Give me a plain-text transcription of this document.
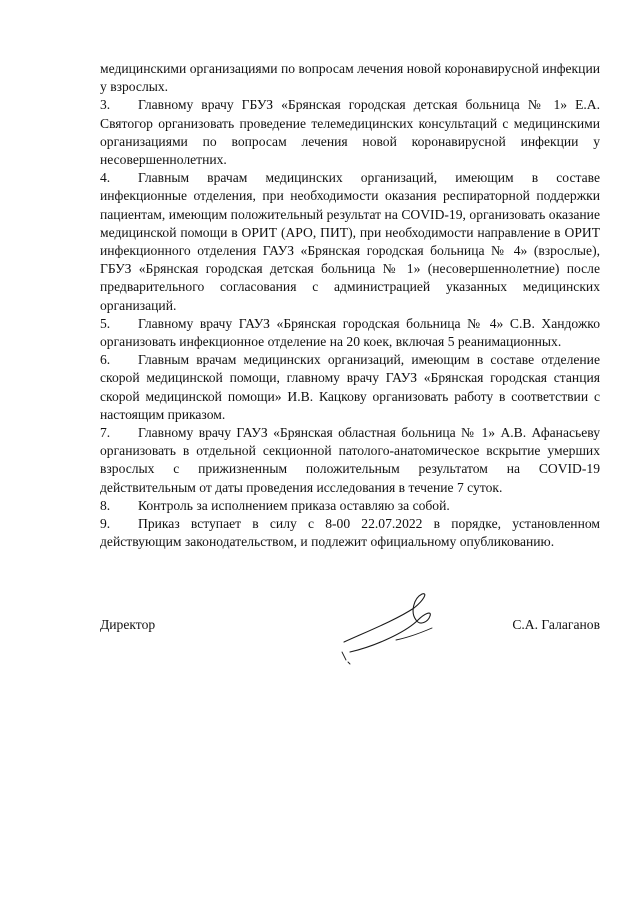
медицинскими организациями по вопросам лечения новой коронавирусной инфекции у взрослых.

3. Главному врачу ГБУЗ «Брянская городская детская больница № 1» Е.А. Святогор организовать проведение телемедицинских консультаций с медицинскими организациями по вопросам лечения новой коронавирусной инфекции у несовершеннолетних.

4. Главным врачам медицинских организаций, имеющим в составе инфекционные отделения, при необходимости оказания респираторной поддержки пациентам, имеющим положительный результат на COVID-19, организовать оказание медицинской помощи в ОРИТ (АРО, ПИТ), при необходимости направление в ОРИТ инфекционного отделения ГАУЗ «Брянская городская больница № 4» (взрослые), ГБУЗ «Брянская городская детская больница № 1» (несовершеннолетние) после предварительного согласования с администрацией указанных медицинских организаций.

5. Главному врачу ГАУЗ «Брянская городская больница № 4» С.В. Хандожко организовать инфекционное отделение на 20 коек, включая 5 реанимационных.

6. Главным врачам медицинских организаций, имеющим в составе отделение скорой медицинской помощи, главному врачу ГАУЗ «Брянская городская станция скорой медицинской помощи» И.В. Кацкову организовать работу в соответствии с настоящим приказом.

7. Главному врачу ГАУЗ «Брянская областная больница № 1» А.В. Афанасьеву организовать в отдельной секционной патолого-анатомическое вскрытие умерших взрослых с прижизненным положительным результатом на COVID-19 действительным от даты проведения исследования в течение 7 суток.

8. Контроль за исполнением приказа оставляю за собой.

9. Приказ вступает в силу с 8-00 22.07.2022 в порядке, установленном действующим законодательством, и подлежит официальному опубликованию.

Директор	С.А. Галаганов
